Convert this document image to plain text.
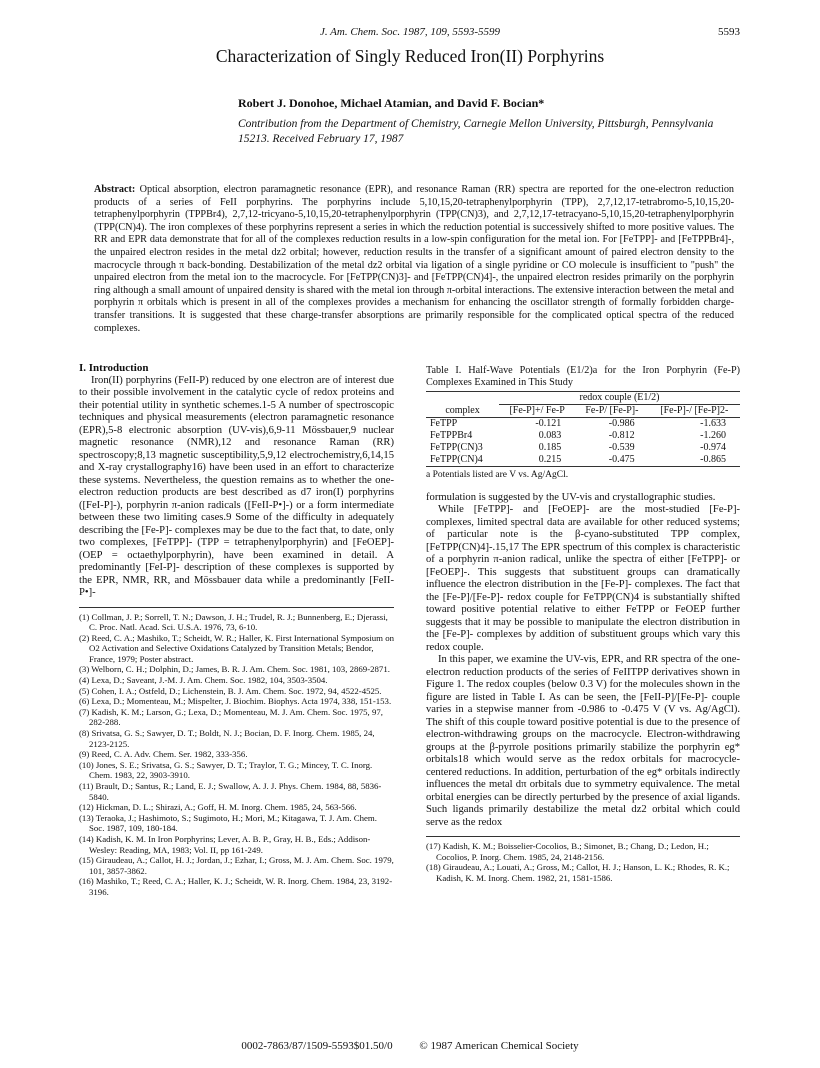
J. Am. Chem. Soc. 1987, 109, 5593-5599	5593
Characterization of Singly Reduced Iron(II) Porphyrins
Robert J. Donohoe, Michael Atamian, and David F. Bocian*
Contribution from the Department of Chemistry, Carnegie Mellon University, Pittsburgh, Pennsylvania 15213. Received February 17, 1987
Abstract: Optical absorption, electron paramagnetic resonance (EPR), and resonance Raman (RR) spectra are reported for the one-electron reduction products of a series of FeII porphyrins. The porphyrins include 5,10,15,20-tetraphenylporphyrin (TPP), 2,7,12,17-tetrabromo-5,10,15,20-tetraphenylporphyrin (TPPBr4), 2,7,12-tricyano-5,10,15,20-tetraphenylporphyrin (TPP(CN)3), and 2,7,12,17-tetracyano-5,10,15,20-tetraphenylporphyrin (TPP(CN)4). The iron complexes of these porphyrins represent a series in which the reduction potential is successively shifted to more positive values. The RR and EPR data demonstrate that for all of the complexes reduction results in a low-spin configuration for the metal ion. For [FeTPP]- and [FeTPPBr4]-, the unpaired electron resides in the metal dz2 orbital; however, reduction results in the transfer of a significant amount of paired electron density to the macrocycle through π back-bonding. Destabilization of the metal dz2 orbital via ligation of a single pyridine or CO molecule is insufficient to "push" the unpaired electron from the metal ion to the macrocycle. For [FeTPP(CN)3]- and [FeTPP(CN)4]-, the unpaired electron resides primarily on the porphyrin ring although a small amount of unpaired density is shared with the metal ion through π-orbital interactions. The extensive interaction between the metal and porphyrin π orbitals which is present in all of the complexes provides a mechanism for enhancing the oscillator strength of formally forbidden charge-transfer transitions. It is suggested that these charge-transfer absorptions are primarily responsible for the complicated optical spectra of the reduced complexes.

I. Introduction

Iron(II) porphyrins (FeII-P) reduced by one electron are of interest due to their possible involvement in the catalytic cycle of redox proteins and their potential utility in synthetic schemes.1-5 A number of spectroscopic techniques and physical measurements (electron paramagnetic resonance (EPR),5-8 electronic absorption (UV-vis),6,9-11 Mössbauer,9 nuclear magnetic resonance (NMR),12 and resonance Raman (RR) spectroscopy;8,13 magnetic susceptibility,5,9,12 electrochemistry,6,14,15 and X-ray crystallography16) have been used in an effort to characterize these systems. Nevertheless, the question remains as to whether the one-electron reduction products are best described as d7 iron(I) porphyrins ([FeI-P]-), porphyrin π-anion radicals ([FeII-P•]-) or a form intermediate between these two limiting cases.9 Some of the difficulty in adequately describing the [Fe-P]- complexes may be due to the fact that, to date, only two complexes, [FeTPP]- (TPP = tetraphenylporphyrin) and [FeOEP]- (OEP = octaethylporphyrin), have been examined in detail. A predominantly [FeI-P]- description of these complexes is supported by the EPR, NMR, RR, and Mössbauer data while a predominantly [FeII-P•]-

(1) Collman, J. P.; Sorrell, T. N.; Dawson, J. H.; Trudel, R. J.; Bunnenberg, E.; Djerassi, C. Proc. Natl. Acad. Sci. U.S.A. 1976, 73, 6-10.
(2) Reed, C. A.; Mashiko, T.; Scheidt, W. R.; Haller, K. First International Symposium on O2 Activation and Selective Oxidations Catalyzed by Transition Metals; Bendor, France, 1979; Poster abstract.
(3) Welborn, C. H.; Dolphin, D.; James, B. R. J. Am. Chem. Soc. 1981, 103, 2869-2871.
(4) Lexa, D.; Saveant, J.-M. J. Am. Chem. Soc. 1982, 104, 3503-3504.
(5) Cohen, I. A.; Ostfeld, D.; Lichenstein, B. J. Am. Chem. Soc. 1972, 94, 4522-4525.
(6) Lexa, D.; Momenteau, M.; Mispelter, J. Biochim. Biophys. Acta 1974, 338, 151-153.
(7) Kadish, K. M.; Larson, G.; Lexa, D.; Momenteau, M. J. Am. Chem. Soc. 1975, 97, 282-288.
(8) Srivatsa, G. S.; Sawyer, D. T.; Boldt, N. J.; Bocian, D. F. Inorg. Chem. 1985, 24, 2123-2125.
(9) Reed, C. A. Adv. Chem. Ser. 1982, 333-356.
(10) Jones, S. E.; Srivatsa, G. S.; Sawyer, D. T.; Traylor, T. G.; Mincey, T. C. Inorg. Chem. 1983, 22, 3903-3910.
(11) Brault, D.; Santus, R.; Land, E. J.; Swallow, A. J. J. Phys. Chem. 1984, 88, 5836-5840.
(12) Hickman, D. L.; Shirazi, A.; Goff, H. M. Inorg. Chem. 1985, 24, 563-566.
(13) Teraoka, J.; Hashimoto, S.; Sugimoto, H.; Mori, M.; Kitagawa, T. J. Am. Chem. Soc. 1987, 109, 180-184.
(14) Kadish, K. M. In Iron Porphyrins; Lever, A. B. P., Gray, H. B., Eds.; Addison-Wesley: Reading, MA, 1983; Vol. II, pp 161-249.
(15) Giraudeau, A.; Callot, H. J.; Jordan, J.; Ezhar, I.; Gross, M. J. Am. Chem. Soc. 1979, 101, 3857-3862.
(16) Mashiko, T.; Reed, C. A.; Haller, K. J.; Scheidt, W. R. Inorg. Chem. 1984, 23, 3192-3196.
Table I. Half-Wave Potentials (E1/2)a for the Iron Porphyrin (Fe-P) Complexes Examined in This Study
	redox couple (E1/2)		
complex	[Fe-P]+/ Fe-P	Fe-P/ [Fe-P]-	[Fe-P]-/ [Fe-P]2-
FeTPP	-0.121	-0.986	-1.633
FeTPPBr4	0.083	-0.812	-1.260
FeTPP(CN)3	0.185	-0.539	-0.974
FeTPP(CN)4	0.215	-0.475	-0.865
a Potentials listed are V vs. Ag/AgCl.

formulation is suggested by the UV-vis and crystallographic studies.

While [FeTPP]- and [FeOEP]- are the most-studied [Fe-P]- complexes, limited spectral data are available for other reduced systems; of particular note is the β-cyano-substituted TPP complex, [FeTPP(CN)4]-.15,17 The EPR spectrum of this complex is characteristic of a porphyrin π-anion radical, unlike the spectra of either [FeTPP]- or [FeOEP]-. This suggests that substituent groups can dramatically influence the electron distribution in the [Fe-P]- complexes. The fact that the [Fe-P]/[Fe-P]- redox couple for FeTPP(CN)4 is substantially shifted toward positive potential relative to either FeTPP or FeOEP further suggests that it may be possible to manipulate the electron distribution in the [Fe-P]- complexes by addition of substituent groups which vary this redox couple.

In this paper, we examine the UV-vis, EPR, and RR spectra of the one-electron reduction products of the series of FeIITPP derivatives shown in Figure 1. The redox couples (below 0.3 V) for the molecules shown in the figure are listed in Table I. As can be seen, the [FeII-P]/[Fe-P]- couple varies in a stepwise manner from -0.986 to -0.475 V (V vs. Ag/AgCl). The shift of this couple toward positive potential is due to the presence of electron-withdrawing groups on the macrocycle. Electron-withdrawing groups at the β-pyrrole positions primarily stabilize the porphyrin eg* orbitals18 which would serve as the redox orbitals for macrocycle-centered reductions. In addition, perturbation of the eg* orbitals indirectly influences the metal dπ orbitals due to symmetry equivalence. The metal orbital energies can be directly perturbed by the presence of axial ligands. Such ligands primarily destabilize the metal dz2 orbital which could serve as the redox

(17) Kadish, K. M.; Boisselier-Cocolios, B.; Simonet, B.; Chang, D.; Ledon, H.; Cocolios, P. Inorg. Chem. 1985, 24, 2148-2156.
(18) Giraudeau, A.; Louati, A.; Gross, M.; Callot, H. J.; Hanson, L. K.; Rhodes, R. K.; Kadish, K. M. Inorg. Chem. 1982, 21, 1581-1586.
0002-7863/87/1509-5593$01.50/0 © 1987 American Chemical Society
